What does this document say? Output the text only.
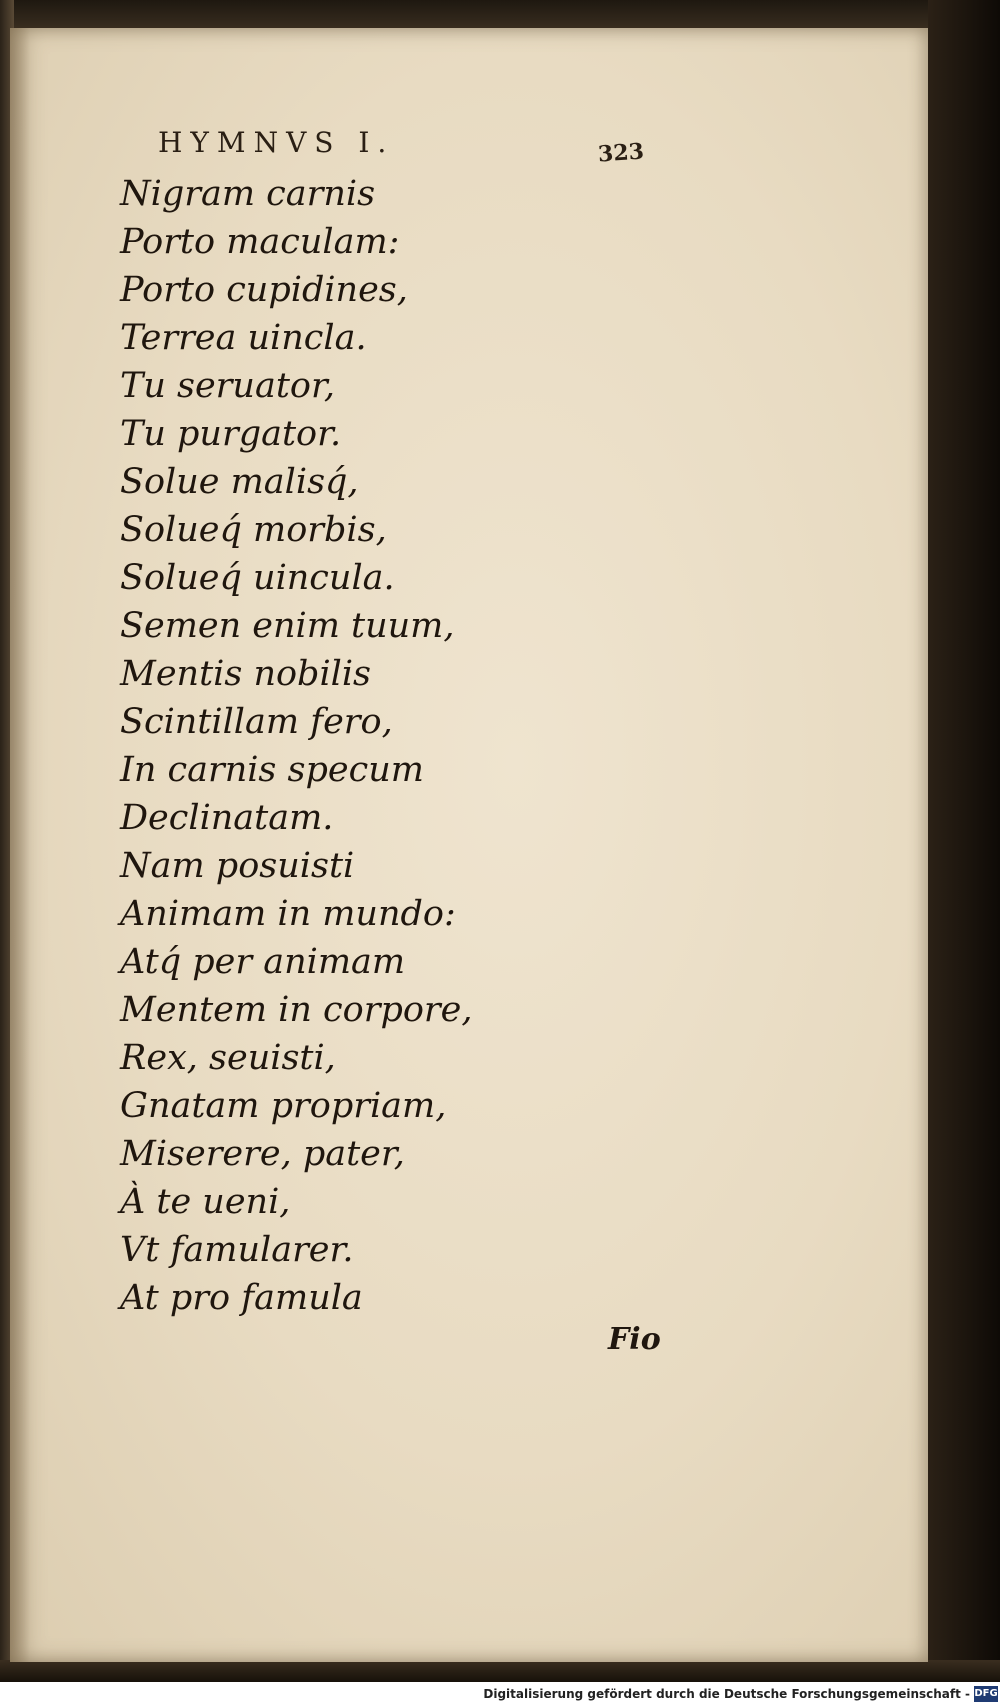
HYMNVS I.	323
Nigram carnis
Porto maculam:
Porto cupidines,
Terrea uincla.
Tu seruator,
Tu purgator.
Solue malisq́,
Solueq́ morbis,
Solueq́ uincula.
Semen enim tuum,
Mentis nobilis
Scintillam fero,
In carnis specum
Declinatam.
Nam posuisti
Animam in mundo:
Atq́ per animam
Mentem in corpore,
Rex, seuisti,
Gnatam propriam,
Miserere, pater,
À te ueni,
Vt famularer.
At pro famula
Fio
Digitalisierung gefördert durch die Deutsche Forschungsgemeinschaft - DFG
